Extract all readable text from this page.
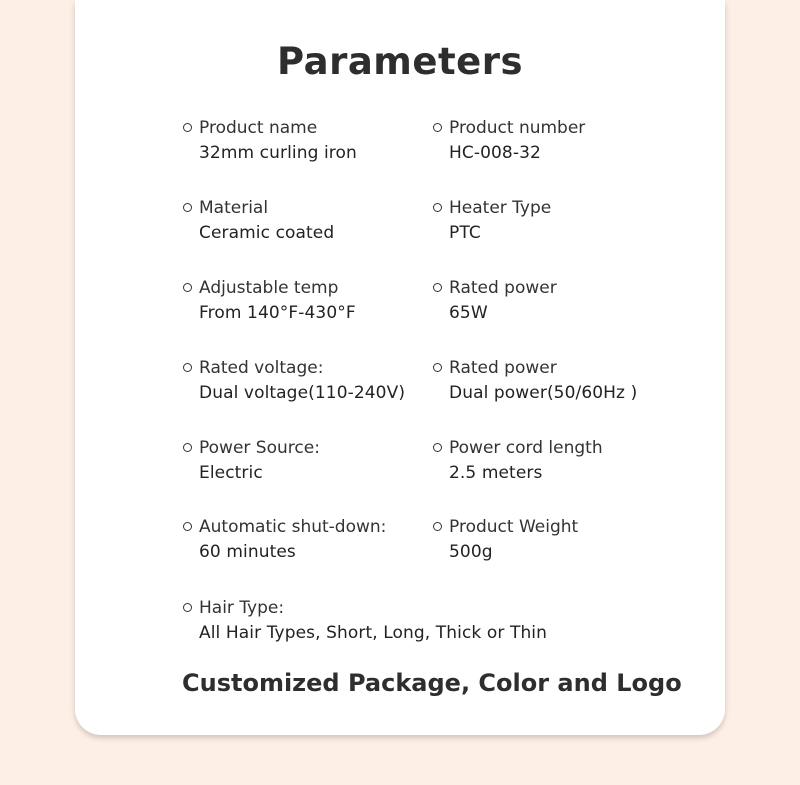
Parameters
Product name
32mm curling iron
Product number
HC-008-32
Material
Ceramic coated
Heater Type
PTC
Adjustable temp
From 140°F-430°F
Rated power
65W
Rated voltage:
Dual voltage(110-240V)
Rated power
Dual power(50/60Hz )
Power Source:
Electric
Power cord length
2.5 meters
Automatic shut-down:
60 minutes
Product Weight
500g
Hair Type:
All Hair Types, Short, Long, Thick or Thin
Customized Package, Color and Logo
